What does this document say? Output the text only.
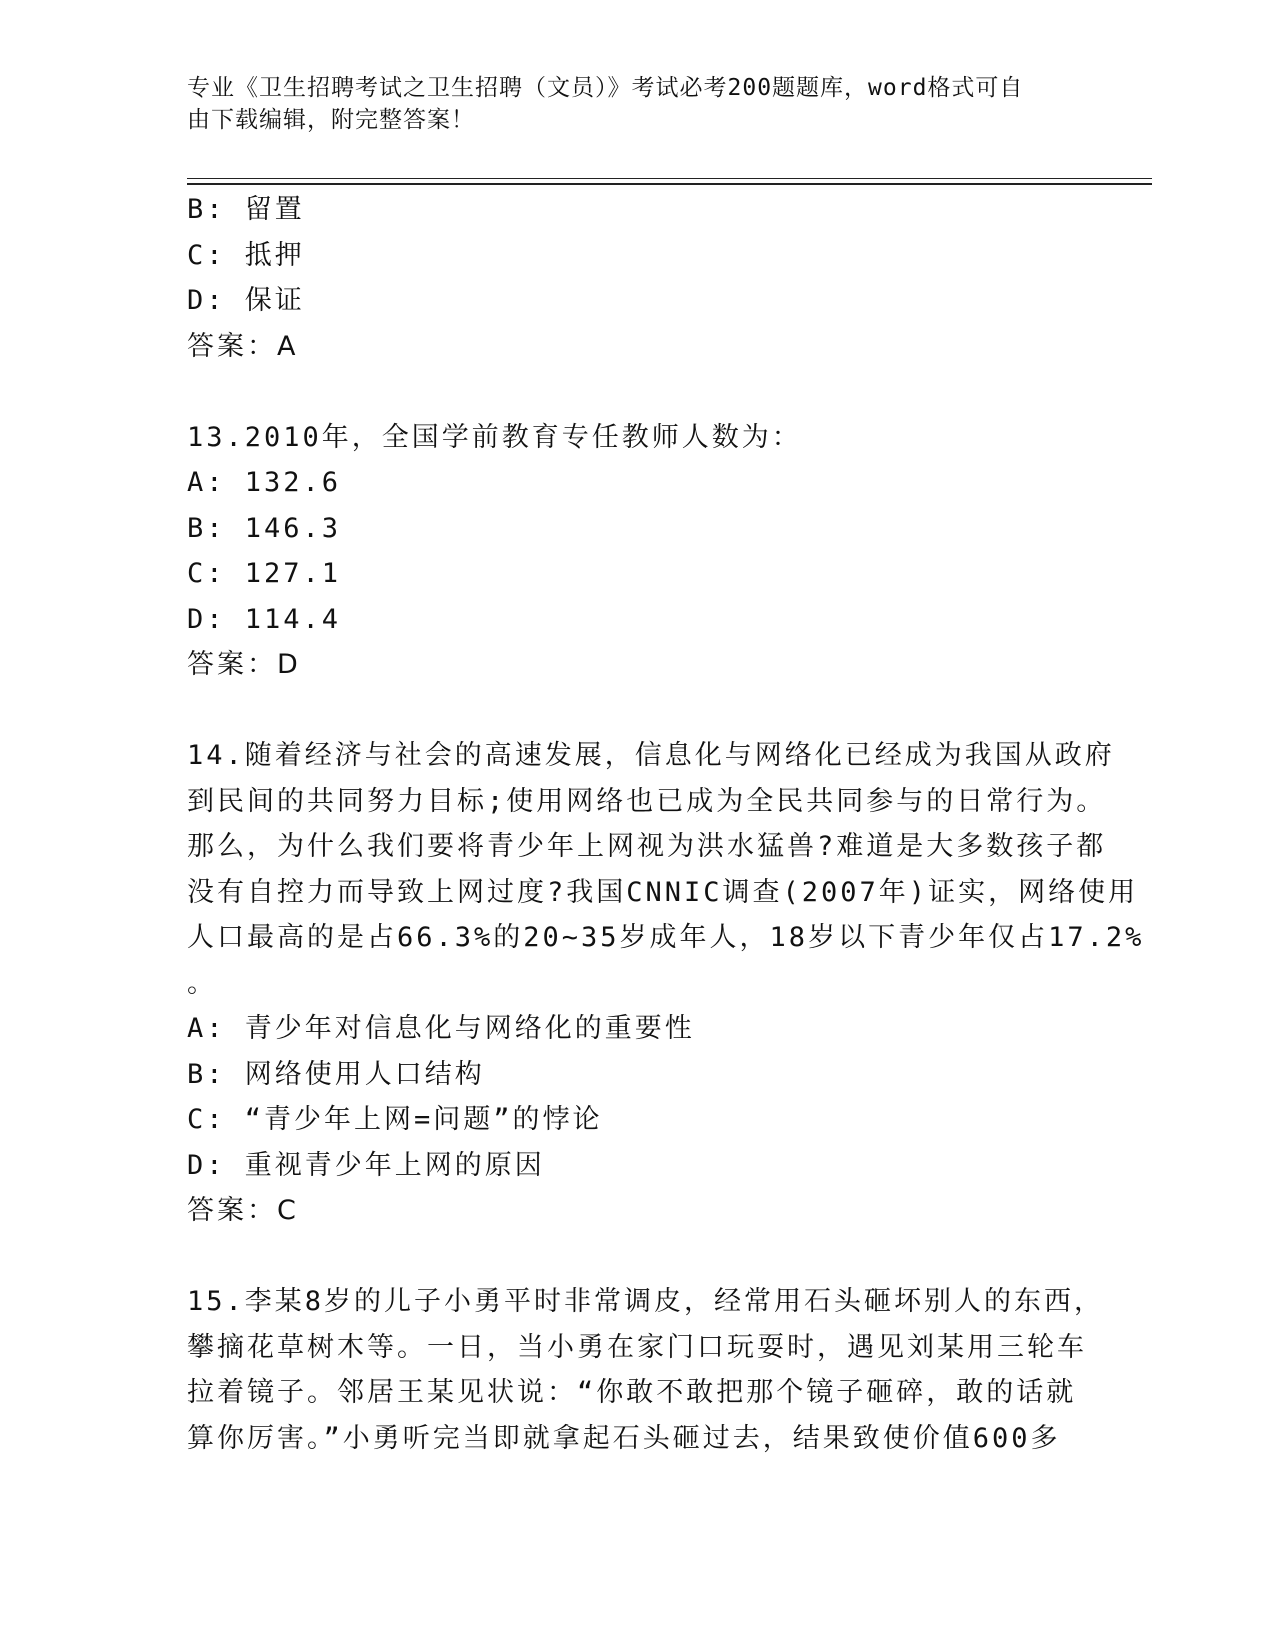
专业《卫生招聘考试之卫生招聘（文员）》考试必考200题题库，word格式可自
由下载编辑，附完整答案！
B: 留置
C: 抵押
D: 保证
答案：A
13.2010年，全国学前教育专任教师人数为：
A: 132.6
B: 146.3
C: 127.1
D: 114.4
答案：D
14.随着经济与社会的高速发展，信息化与网络化已经成为我国从政府
到民间的共同努力目标;使用网络也已成为全民共同参与的日常行为。
那么，为什么我们要将青少年上网视为洪水猛兽?难道是大多数孩子都
没有自控力而导致上网过度?我国CNNIC调查(2007年)证实，网络使用
人口最高的是占66.3%的20~35岁成年人，18岁以下青少年仅占17.2%
。
A: 青少年对信息化与网络化的重要性
B: 网络使用人口结构
C: “青少年上网=问题”的悖论
D: 重视青少年上网的原因
答案：C
15.李某8岁的儿子小勇平时非常调皮，经常用石头砸坏别人的东西，
攀摘花草树木等。一日，当小勇在家门口玩耍时，遇见刘某用三轮车
拉着镜子。邻居王某见状说：“你敢不敢把那个镜子砸碎，敢的话就
算你厉害。”小勇听完当即就拿起石头砸过去，结果致使价值600多
